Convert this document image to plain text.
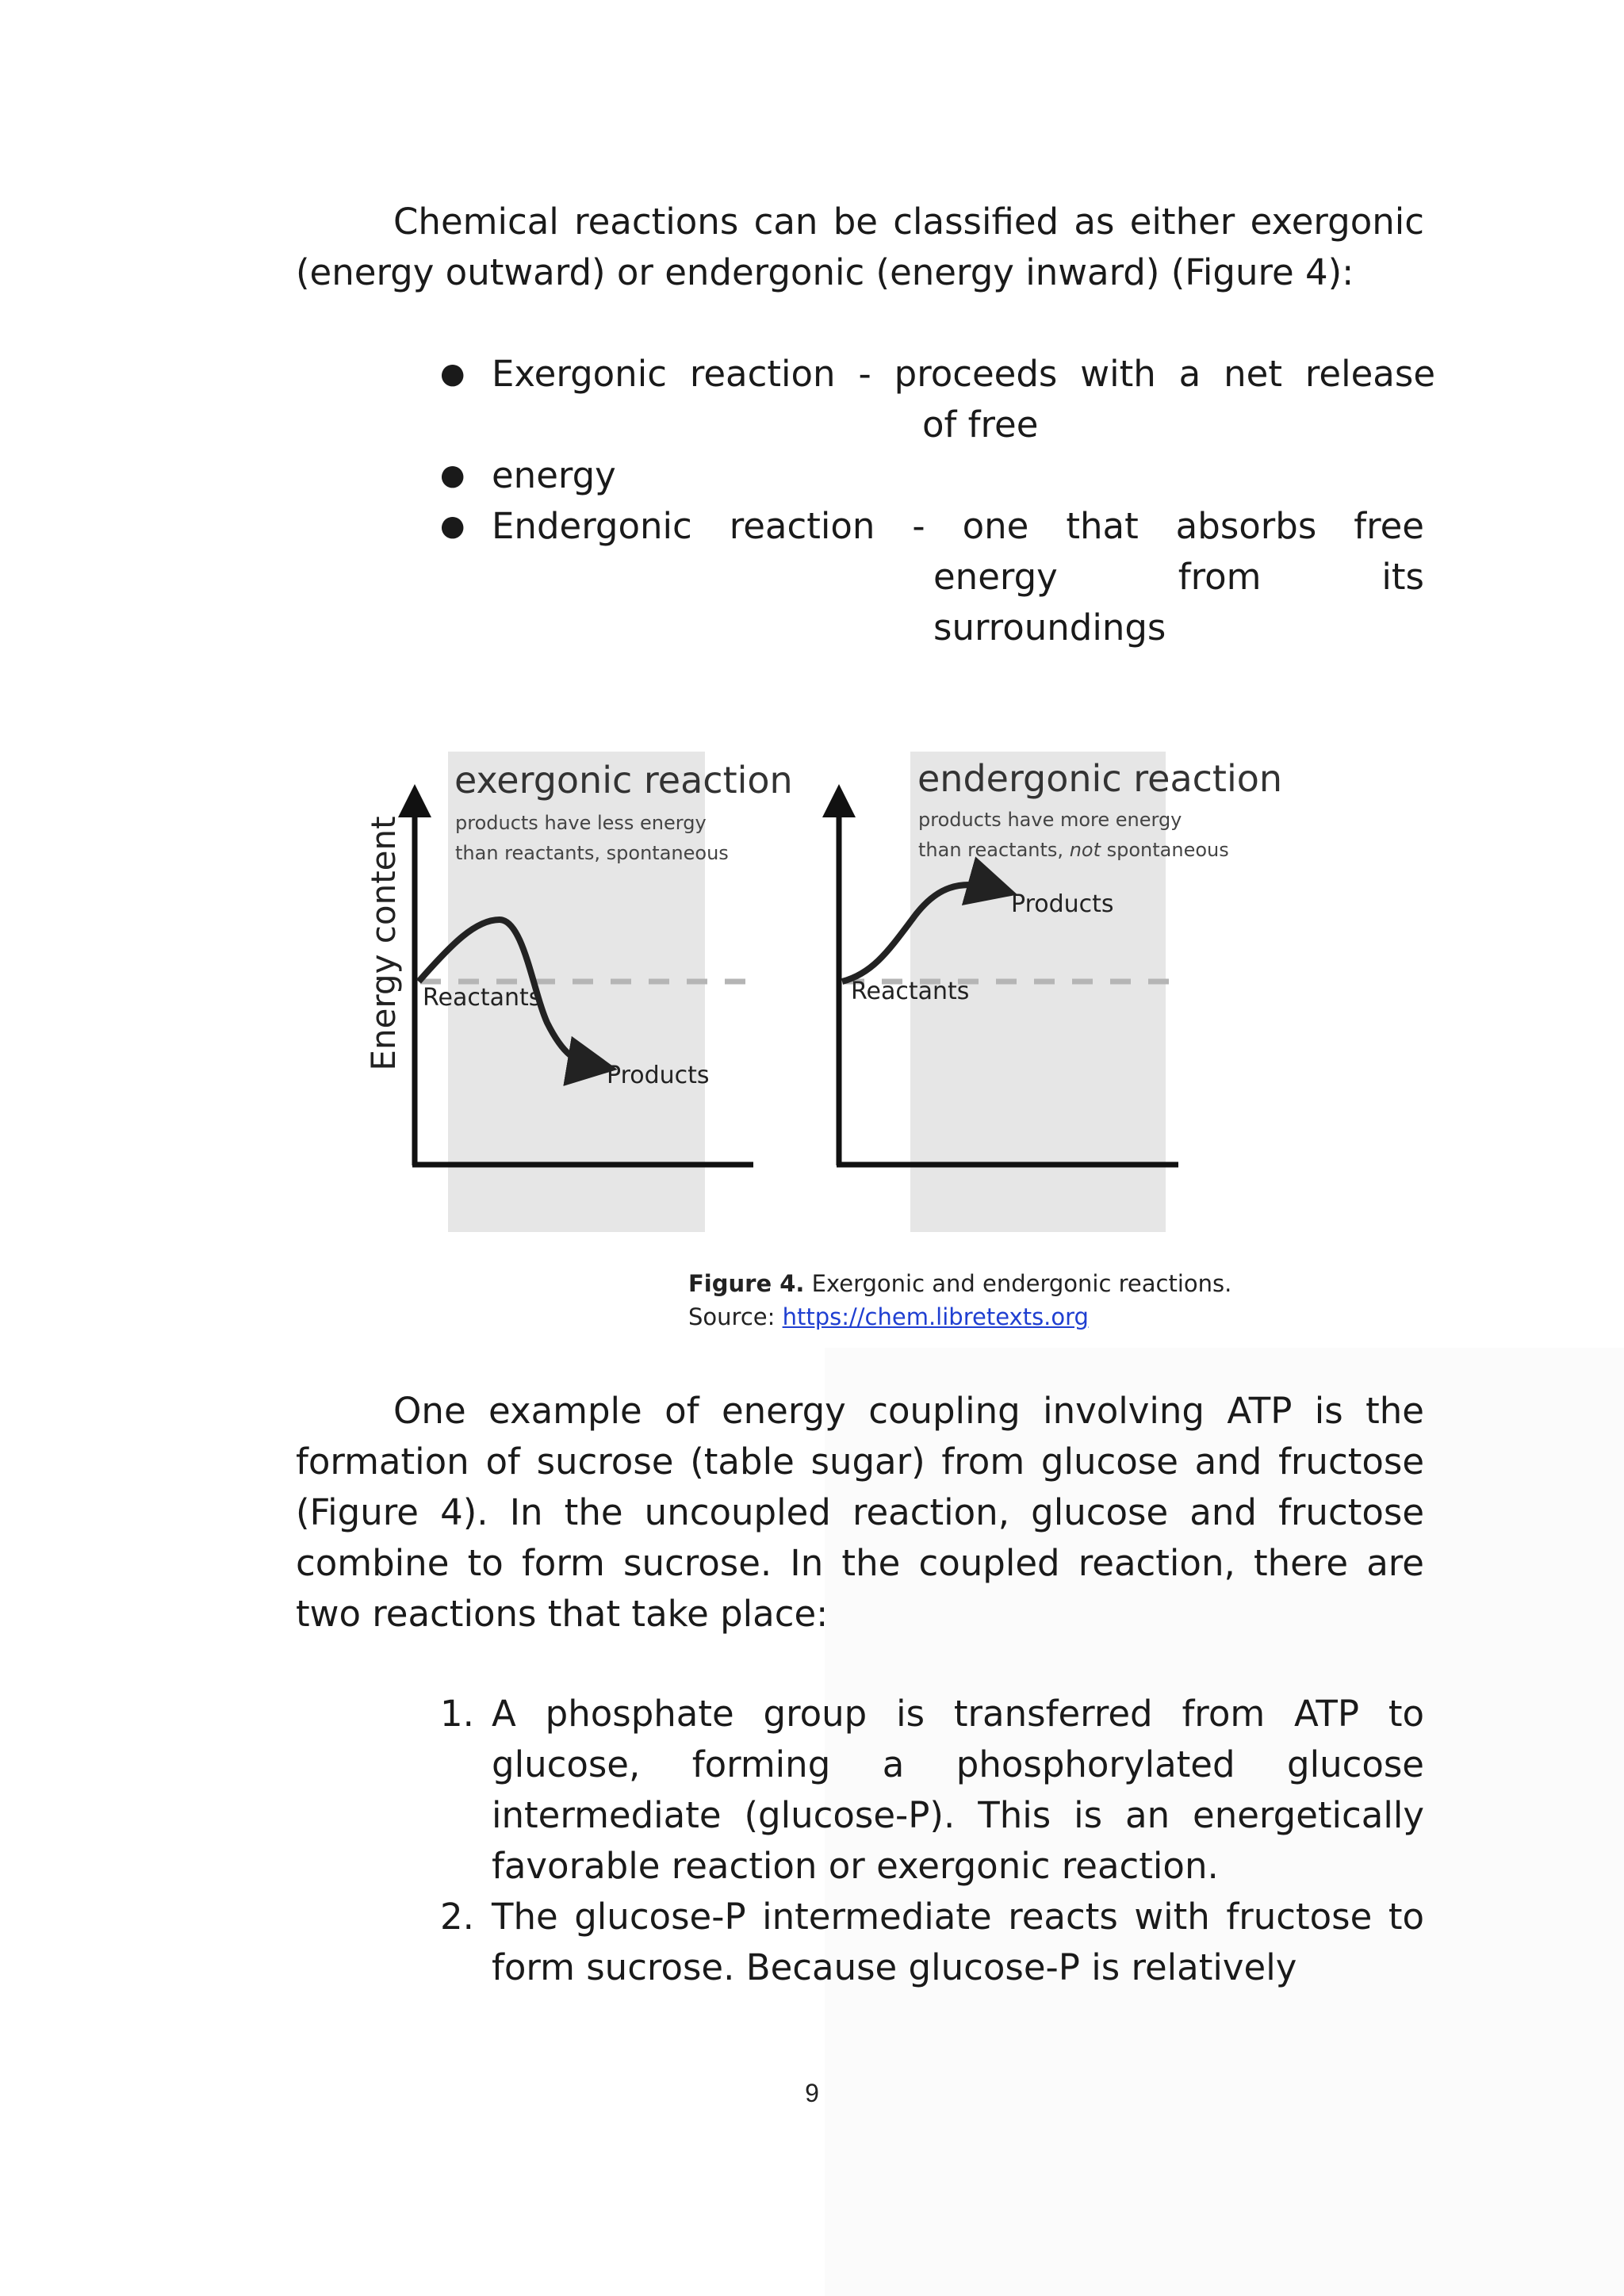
Chemical reactions can be classified as either exergonic (energy outward) or endergonic (energy inward) (Figure 4):

● Exergonic reaction - proceeds with a net release
of free
● energy
● Endergonic reaction - one that absorbs free
energy from its
surroundings
Energy content
exergonic reaction
products have less energy
than reactants, spontaneous
Reactants
Products
endergonic reaction
products have more energy
than reactants, not spontaneous
Reactants
Products
Figure 4. Exergonic and endergonic reactions.
Source: https://chem.libretexts.org

One example of energy coupling involving ATP is the formation of sucrose (table sugar) from glucose and fructose (Figure 4). In the uncoupled reaction, glucose and fructose combine to form sucrose. In the coupled reaction, there are two reactions that take place:

1. A phosphate group is transferred from ATP to glucose, forming a phosphorylated glucose intermediate (glucose-P). This is an energetically favorable reaction or exergonic reaction.

2. The glucose-P intermediate reacts with fructose to form sucrose. Because glucose-P is relatively

9
